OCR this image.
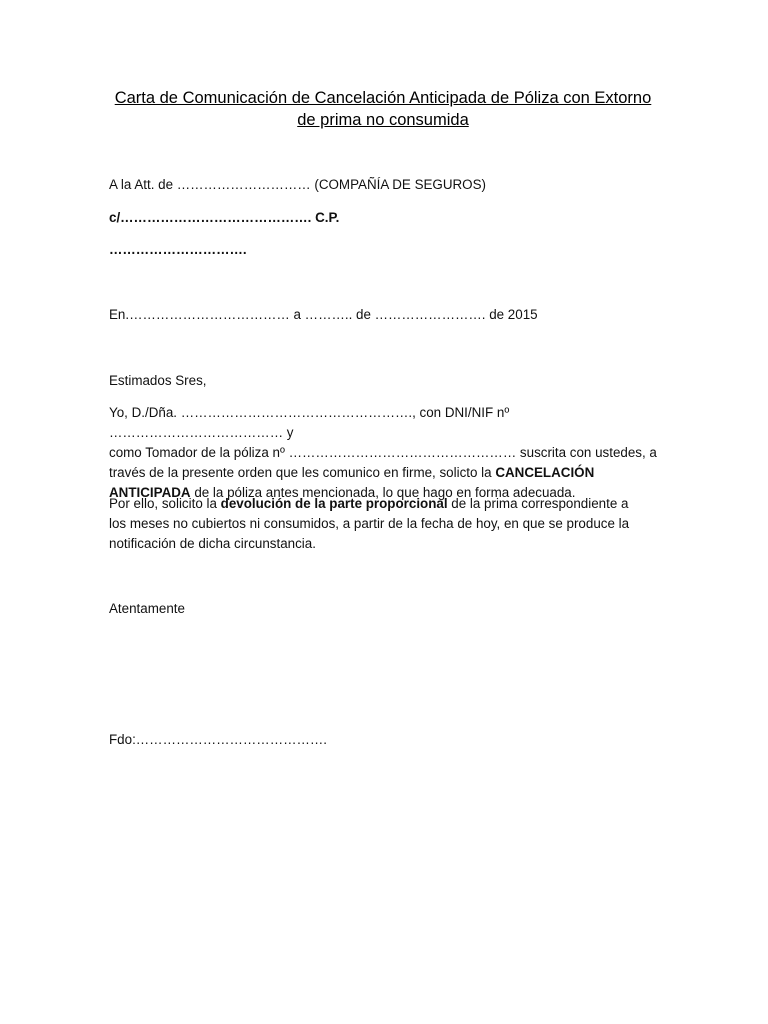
Carta de Comunicación de Cancelación Anticipada de Póliza con Extorno
de prima no consumida
A la Att. de ………………………… (COMPAÑÍA DE SEGUROS)
c/……………………………………. C.P.
………………………….
En.……………………………… a ……….. de ……………………. de 2015
Estimados Sres,
Yo, D./Dña. ……………………………………………., con DNI/NIF nº ………………………………… y
como Tomador de la póliza nº …………………………………………… suscrita con ustedes, a
través de la presente orden que les comunico en firme, solicto la CANCELACIÓN
ANTICIPADA de la póliza antes mencionada, lo que hago en forma adecuada.
Por ello, solicito la devolución de la parte proporcional de la prima correspondiente a
los meses no cubiertos ni consumidos, a partir de la fecha de hoy, en que se produce la
notificación de dicha circunstancia.
Atentamente
Fdo:…………………………………….
